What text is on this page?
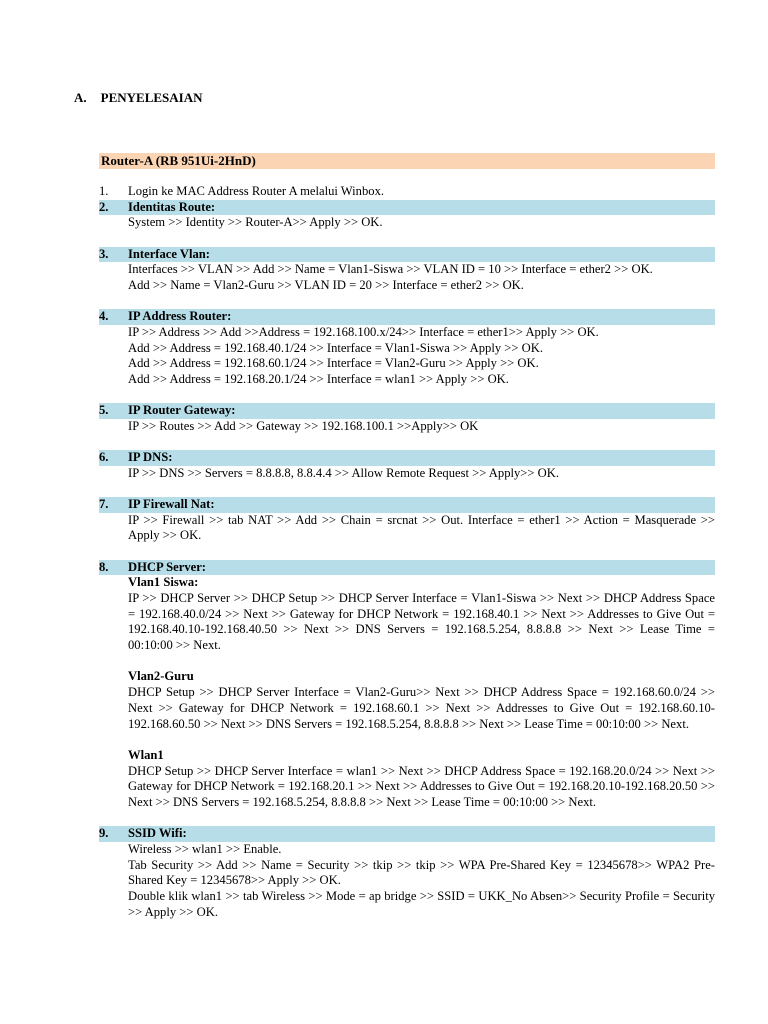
A. PENYELESAIAN
Router-A (RB 951Ui-2HnD)
1.	Login ke MAC Address Router A melalui Winbox.
2.	Identitas Route:

System >> Identity >> Router-A>> Apply >> OK.

3.	Interface Vlan:

Interfaces >> VLAN >> Add >> Name = Vlan1-Siswa >> VLAN ID = 10 >> Interface = ether2 >> OK.

Add >> Name = Vlan2-Guru >> VLAN ID = 20 >> Interface = ether2 >> OK.

4.	IP Address Router:

IP >> Address >> Add >>Address = 192.168.100.x/24>> Interface = ether1>> Apply >> OK.

Add >> Address = 192.168.40.1/24 >> Interface = Vlan1-Siswa >> Apply >> OK.

Add >> Address = 192.168.60.1/24 >> Interface = Vlan2-Guru >> Apply >> OK.

Add >> Address = 192.168.20.1/24 >> Interface = wlan1 >> Apply >> OK.

5.	IP Router Gateway:

IP >> Routes >> Add >> Gateway >> 192.168.100.1 >>Apply>> OK

6.	IP DNS:

IP >> DNS >> Servers = 8.8.8.8, 8.8.4.4 >> Allow Remote Request >> Apply>> OK.

7.	IP Firewall Nat:

IP >> Firewall >> tab NAT >> Add >> Chain = srcnat >> Out. Interface = ether1 >> Action = Masquerade >> Apply >> OK.

8.	DHCP Server:
Vlan1 Siswa:

IP >> DHCP Server >> DHCP Setup >> DHCP Server Interface = Vlan1-Siswa >> Next >> DHCP Address Space = 192.168.40.0/24 >> Next >> Gateway for DHCP Network = 192.168.40.1 >> Next >> Addresses to Give Out = 192.168.40.10-192.168.40.50 >> Next >> DNS Servers = 192.168.5.254, 8.8.8.8 >> Next >> Lease Time = 00:10:00 >> Next.

Vlan2-Guru

DHCP Setup >> DHCP Server Interface = Vlan2-Guru>> Next >> DHCP Address Space = 192.168.60.0/24 >> Next >> Gateway for DHCP Network = 192.168.60.1 >> Next >> Addresses to Give Out = 192.168.60.10-192.168.60.50 >> Next >> DNS Servers = 192.168.5.254, 8.8.8.8 >> Next >> Lease Time = 00:10:00 >> Next.

Wlan1

DHCP Setup >> DHCP Server Interface = wlan1 >> Next >> DHCP Address Space = 192.168.20.0/24 >> Next >> Gateway for DHCP Network = 192.168.20.1 >> Next >> Addresses to Give Out = 192.168.20.10-192.168.20.50 >> Next >> DNS Servers = 192.168.5.254, 8.8.8.8 >> Next >> Lease Time = 00:10:00 >> Next.

9.	SSID Wifi:

Wireless >> wlan1 >> Enable.

Tab Security >> Add >> Name = Security >> tkip >> tkip >> WPA Pre-Shared Key = 12345678>> WPA2 Pre-Shared Key = 12345678>> Apply >> OK.

Double klik wlan1 >> tab Wireless >> Mode = ap bridge >> SSID = UKK_No Absen>> Security Profile = Security >> Apply >> OK.
